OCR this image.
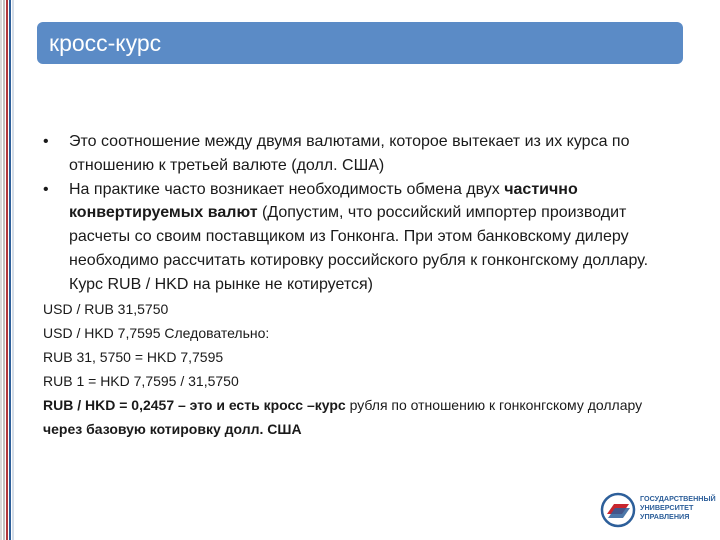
кросс-курс
•	Это соотношение между двумя валютами, которое вытекает из их курса по отношению к третьей валюте (долл. США)
•	На практике часто возникает необходимость обмена двух частично конвертируемых валют (Допустим, что российский импортер производит расчеты со своим поставщиком из Гонконга. При этом банковскому дилеру необходимо рассчитать котировку российского рубля к гонконгскому доллару. Курс RUB / HKD на рынке не котируется)
USD / RUB 31,5750
USD / HKD 7,7595 Следовательно:
RUB 31, 5750 = HKD 7,7595
RUB 1 = HKD 7,7595 / 31,5750
RUB / HKD = 0,2457 – это и есть кросс –курс рубля по отношению к гонконгскому доллару через базовую котировку долл. США
ГОСУДАРСТВЕННЫЙ
УНИВЕРСИТЕТ
УПРАВЛЕНИЯ
